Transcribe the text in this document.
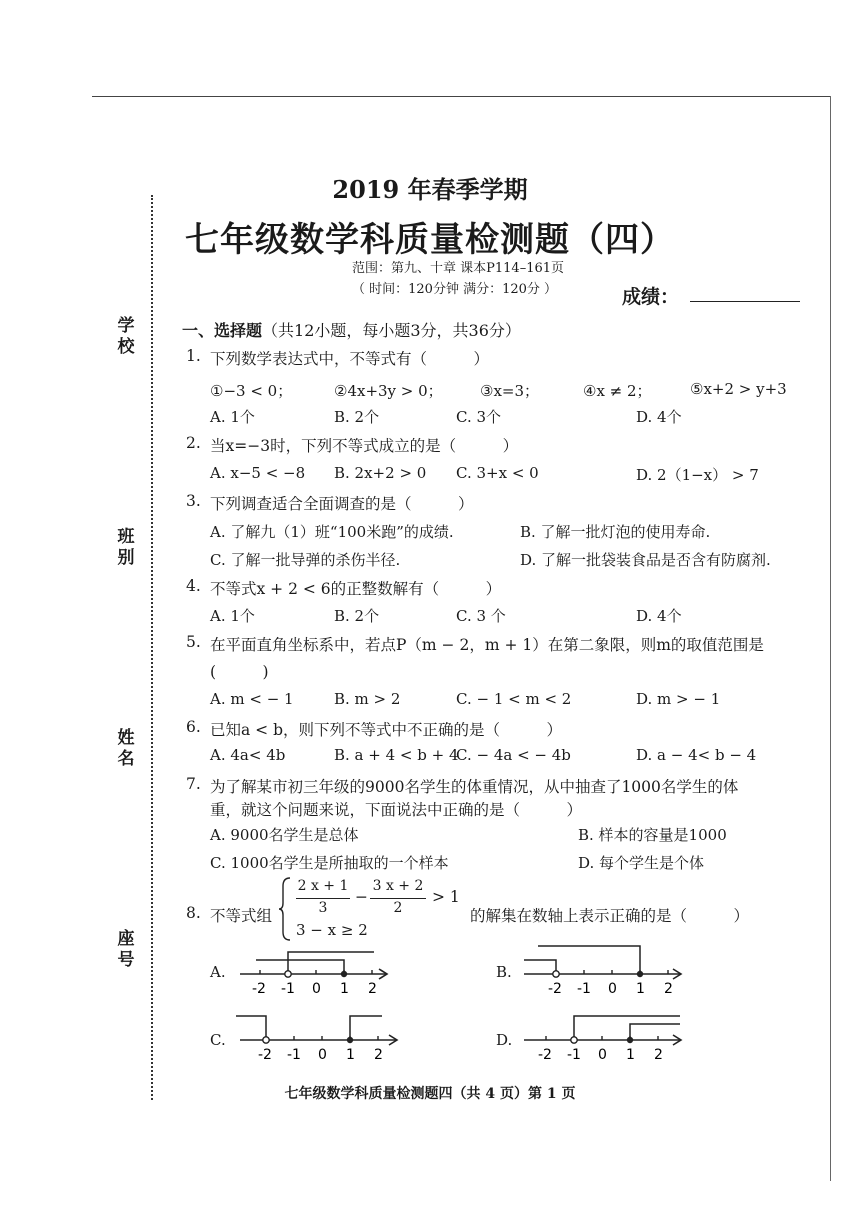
学校
班别
姓名
座号
2019 年春季学期
七年级数学科质量检测题（四）
范围：第九、十章 课本P114–161页
（ 时间：120分钟 满分：120分 ）	成绩：
一、选择题（共12小题，每小题3分，共36分）
1. 下列数学表达式中，不等式有（　　　）
①−3 < 0；	②4x+3y > 0； ③x=3；	④x ≠ 2；	⑤x+2 > y+3
A. 1个	B. 2个	C. 3个	D. 4个
2. 当x=−3时，下列不等式成立的是（　　　）
A. x−5 < −8 B. 2x+2 > 0 C. 3+x < 0	D. 2（1−x） > 7
3. 下列调查适合全面调查的是（　　　）
A. 了解九（1）班“100米跑”的成绩.	B. 了解一批灯泡的使用寿命.
C. 了解一批导弹的杀伤半径.	D. 了解一批袋装食品是否含有防腐剂.
4. 不等式x + 2 < 6的正整数解有（　　　）
A. 1个	B. 2个	C. 3 个	D. 4个
5. 在平面直角坐标系中，若点P（m − 2，m + 1）在第二象限，则m的取值范围是
(　　　)
A. m < − 1	B. m > 2	C. − 1 < m < 2	D. m > − 1
6. 已知a < b，则下列不等式中不正确的是（　　　）
A. 4a< 4b	B. a + 4 < b + 4
C. − 4a < − 4b	D. a − 4< b − 4
7. 为了解某市初三年级的9000名学生的体重情况，从中抽查了1000名学生的体
重，就这个问题来说，下面说法中正确的是（　　　）
A. 9000名学生是总体	B. 样本的容量是1000
C. 1000名学生是所抽取的一个样本	D. 每个学生是个体
8. 不等式组
2 x + 1
3
−
3 x + 2
2
> 1
3 − x ≥ 2
的解集在数轴上表示正确的是（　　　）
A.	B.
C.	D.
-2 -1 0 1 2	-2 -1 0 1 2
-2 -1 0 1 2	-2 -1 0 1 2
七年级数学科质量检测题四（共 4 页）第 1 页
